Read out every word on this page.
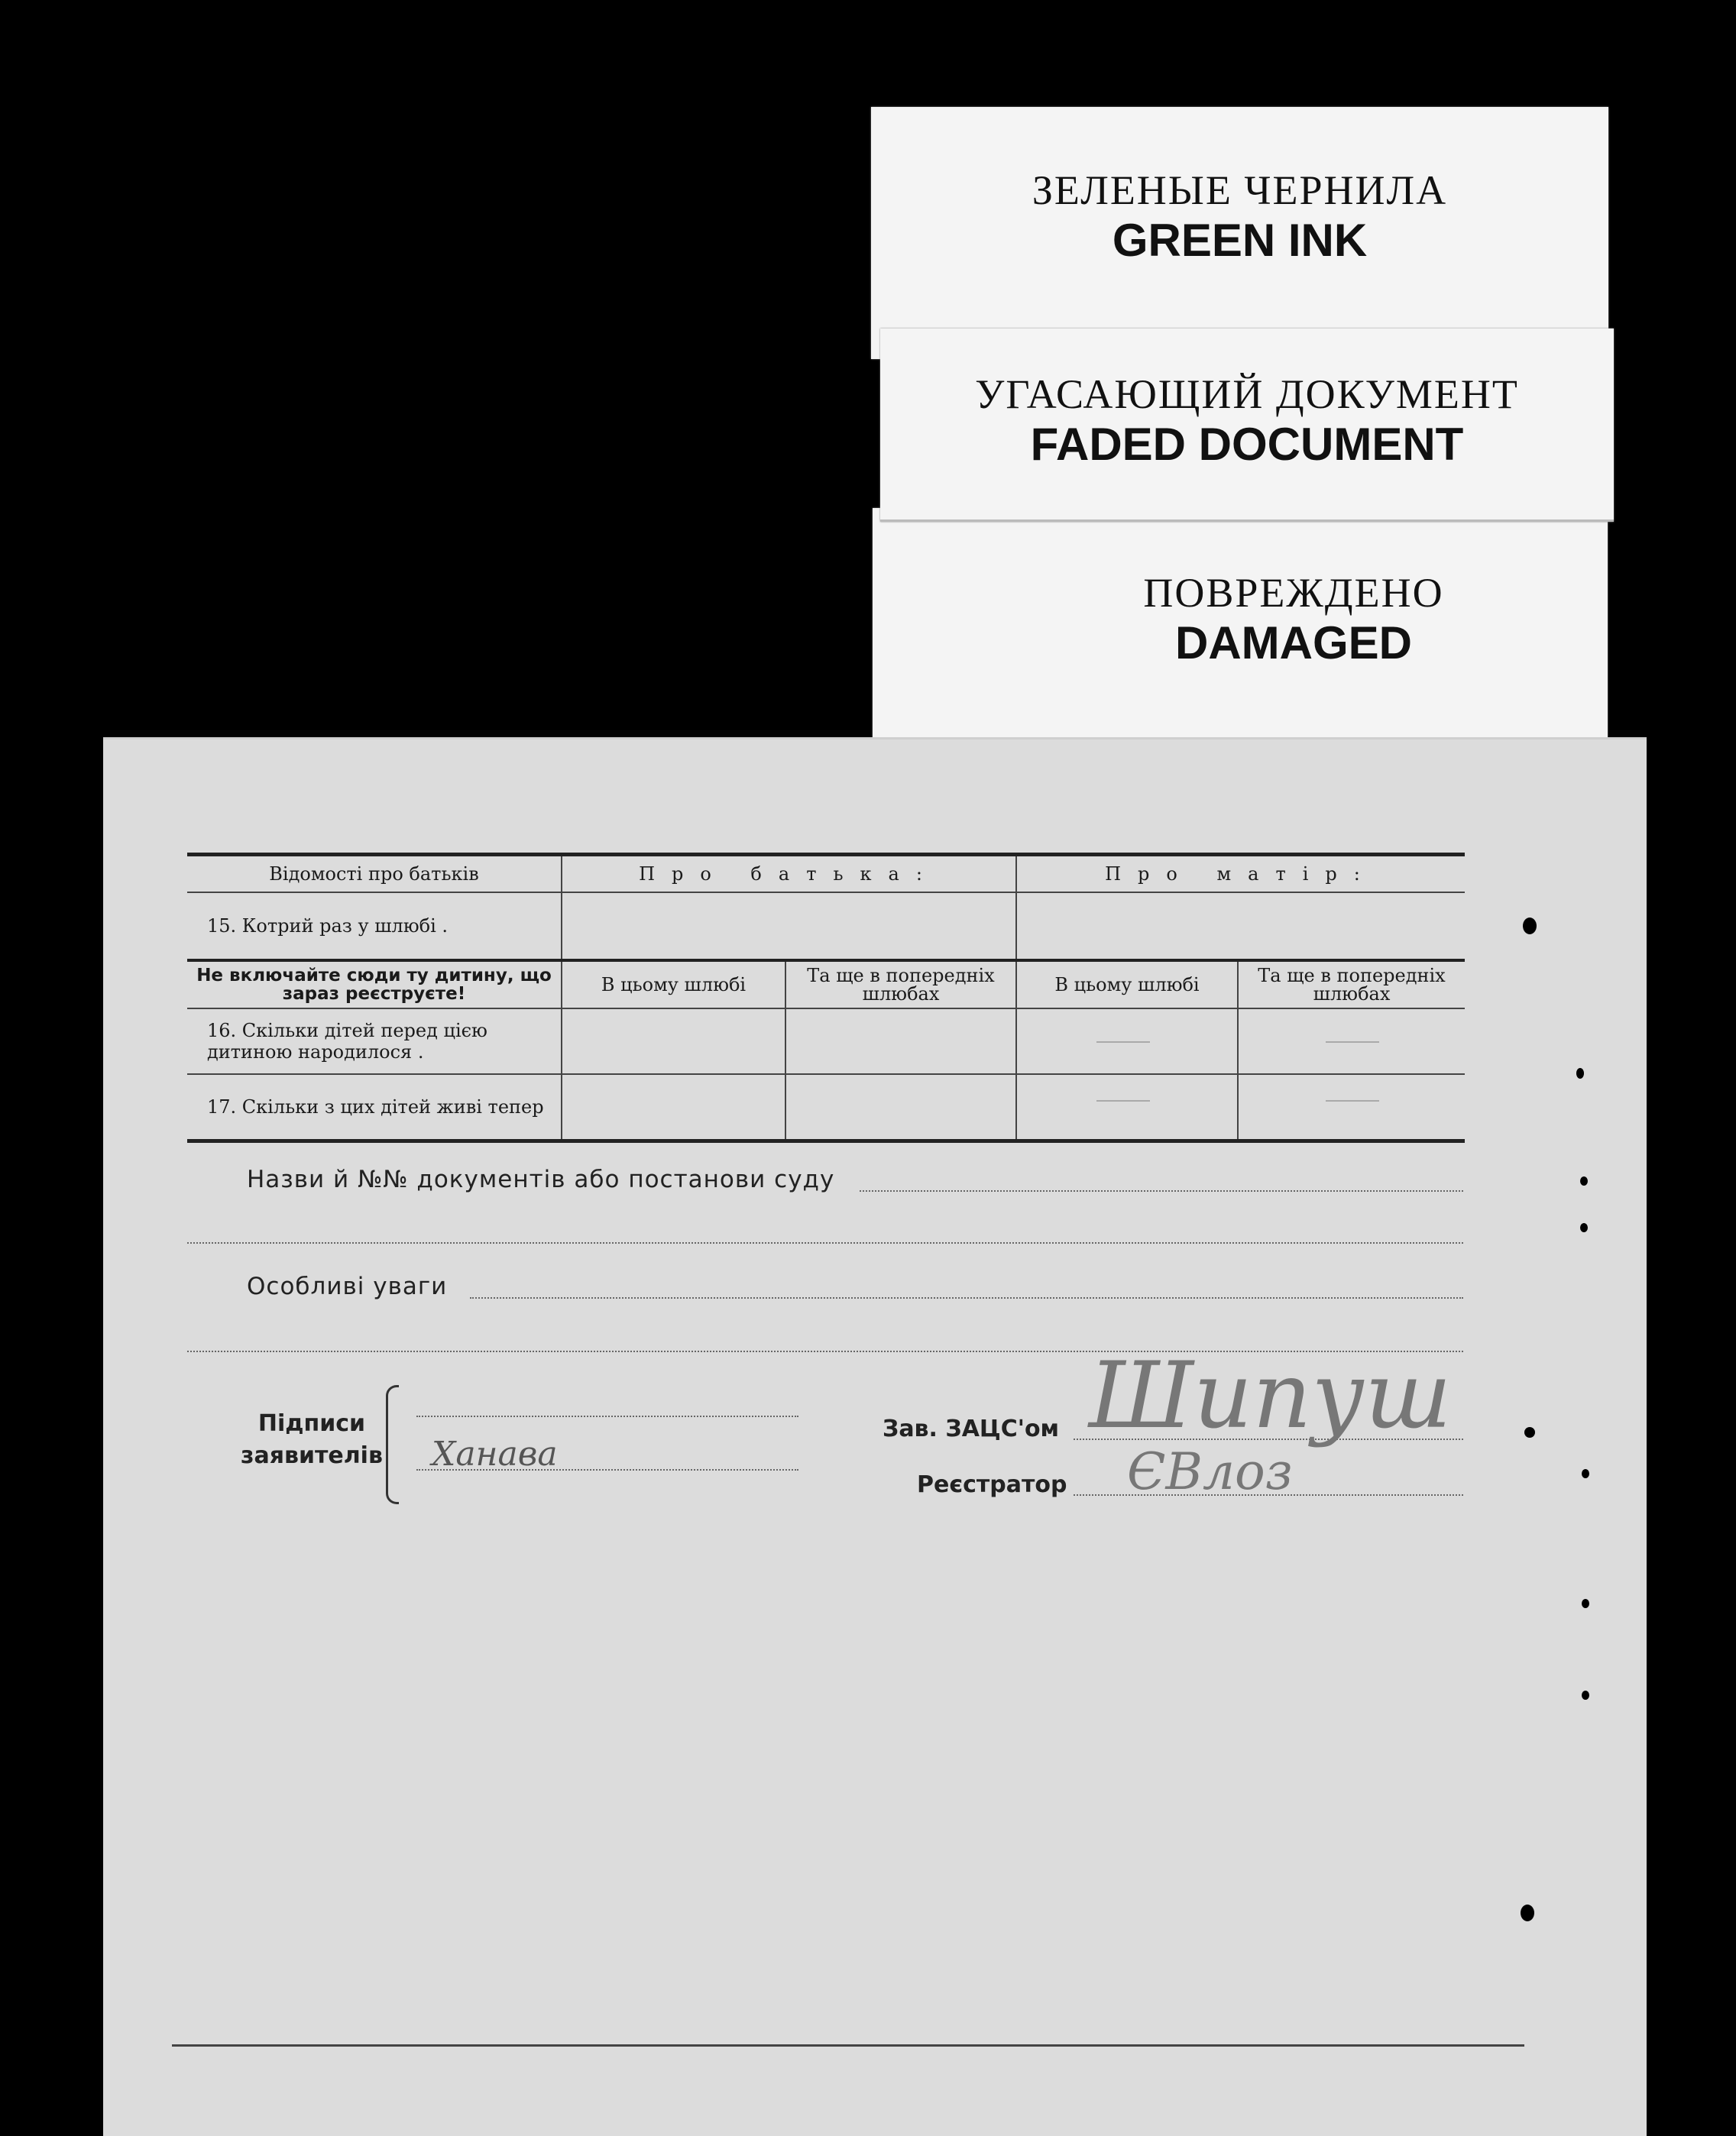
ЗЕЛЕНЫЕ ЧЕРНИЛА
GREEN INK
ПОВРЕЖДЕНО
DAMAGED
УГАСАЮЩИЙ ДОКУМЕНТ
FADED DOCUMENT
Відомості про батьків	Про батька:		Про матір:	
15. Котрий раз у шлюбі .				
Не включайте сюди ту дитину, що зараз реєструєте!	В цьому шлюбі	Та ще в попередніх шлюбах	В цьому шлюбі	Та ще в попередніх шлюбах
16. Скільки дітей перед цією дитиною народилося .				
17. Скільки з цих дітей живі тепер				
Назви й №№ документів або постанови суду
Особливі уваги
Підписи заявителів Ханава
Зав. ЗАЦС'ом
Реєстратор
Шипуш
ЄВлоз
